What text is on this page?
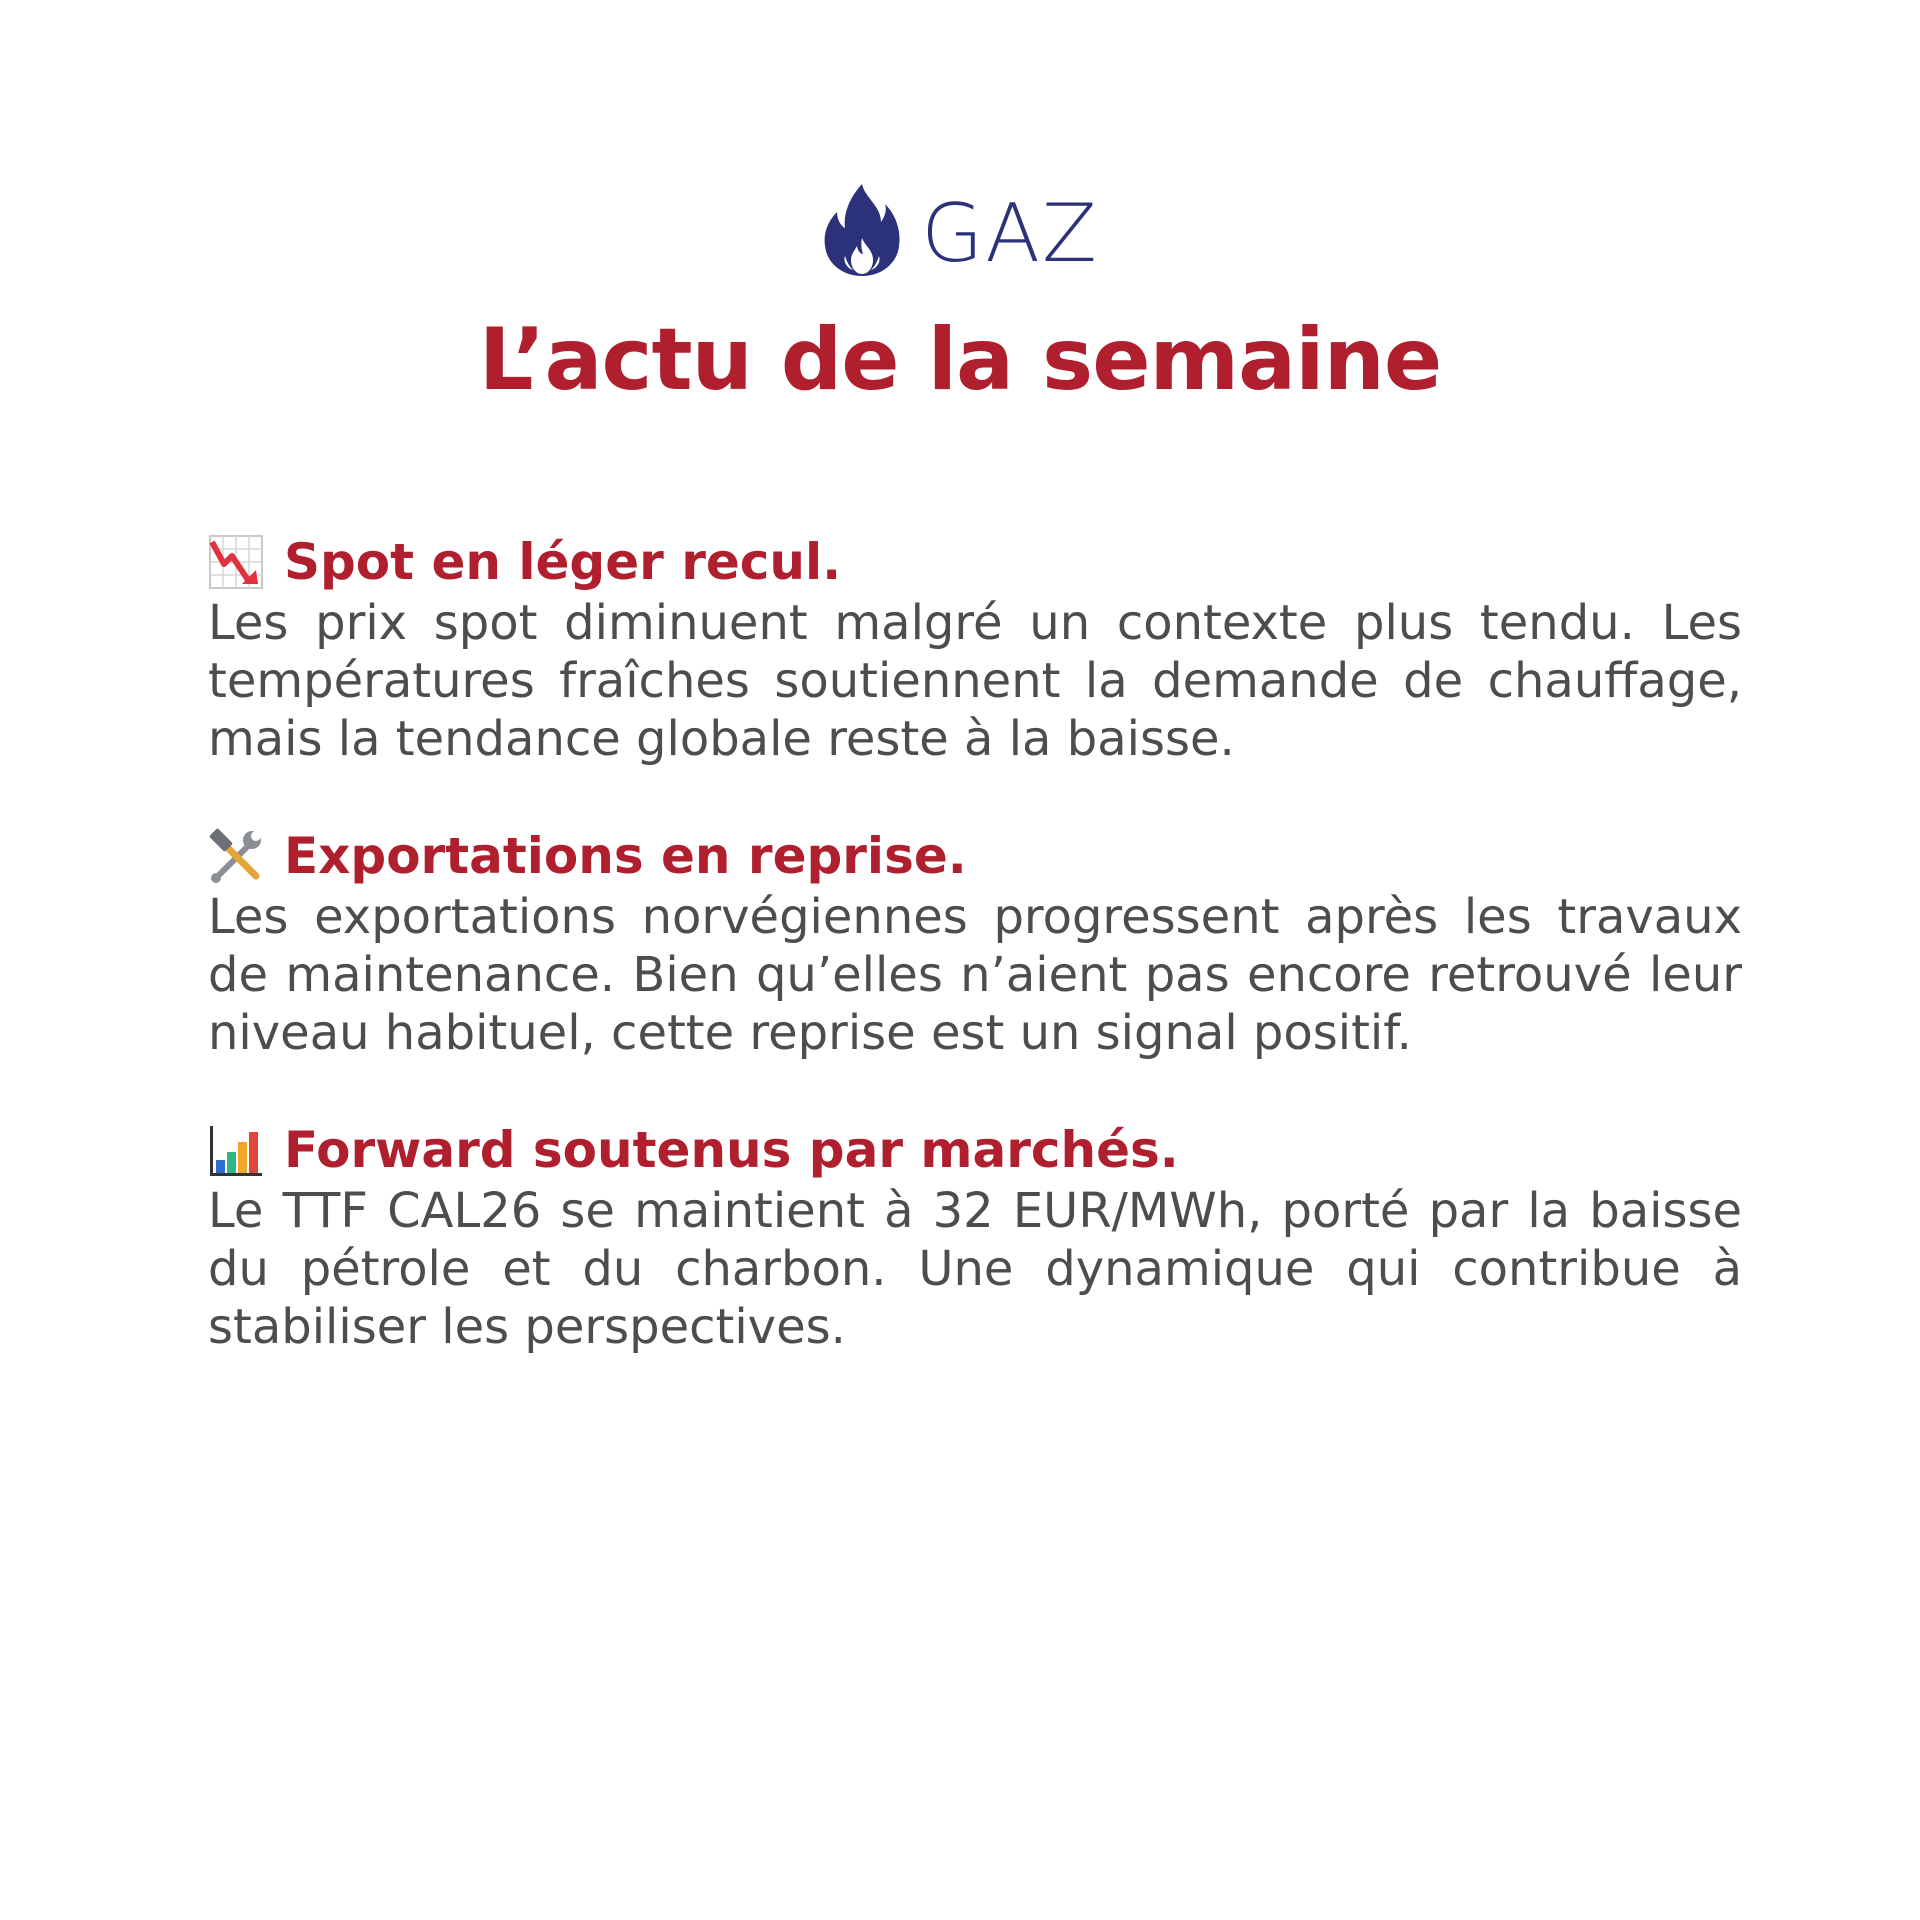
GAZ
L’actu de la semaine
Spot en léger recul.

Les prix spot diminuent malgré un contexte plus tendu. Les températures fraîches soutiennent la demande de chauffage, mais la tendance globale reste à la baisse.

Exportations en reprise.

Les exportations norvégiennes progressent après les travaux de maintenance. Bien qu’elles n’aient pas encore retrouvé leur niveau habituel, cette reprise est un signal positif.

Forward soutenus par marchés.

Le TTF CAL26 se maintient à 32 EUR/MWh, porté par la baisse du pétrole et du charbon. Une dynamique qui contribue à stabiliser les perspectives.
